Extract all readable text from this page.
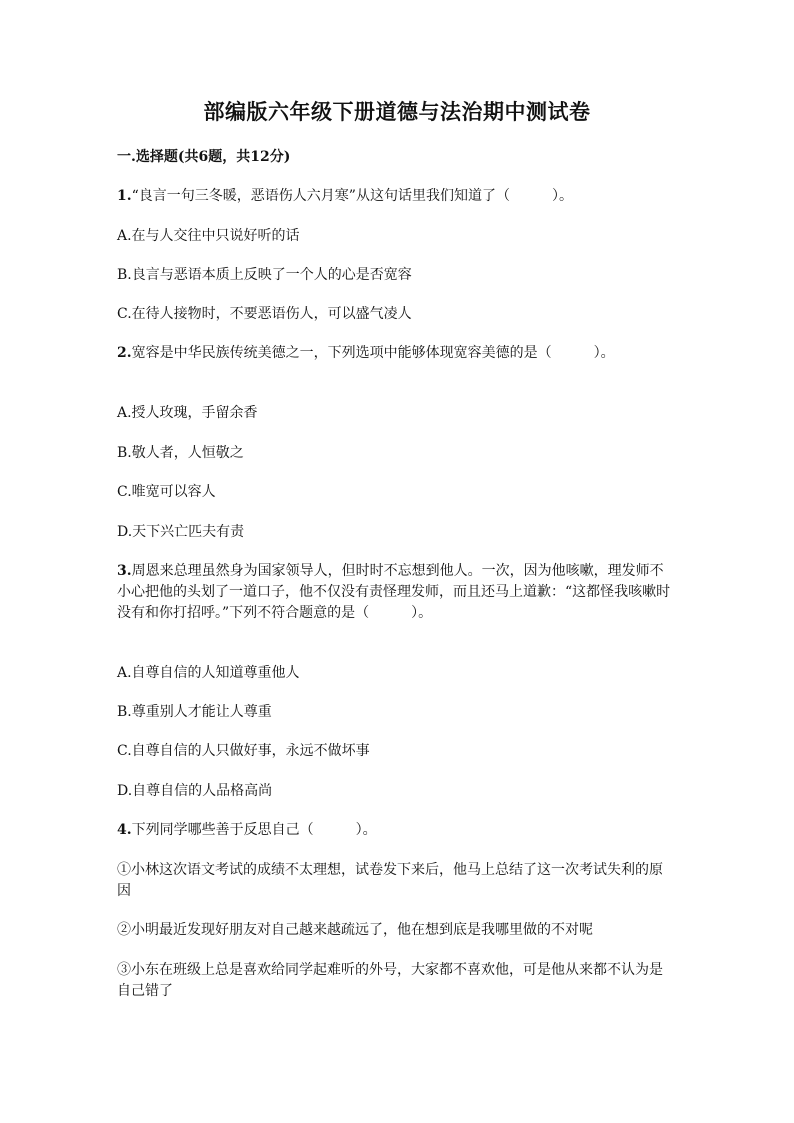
部编版六年级下册道德与法治期中测试卷
一.选择题(共6题，共12分)
1.“良言一句三冬暖，恶语伤人六月寒”从这句话里我们知道了（　　　）。
A.在与人交往中只说好听的话
B.良言与恶语本质上反映了一个人的心是否宽容
C.在待人接物时，不要恶语伤人，可以盛气凌人
2.宽容是中华民族传统美德之一，下列选项中能够体现宽容美德的是（　　　）。
A.授人玫瑰，手留余香
B.敬人者，人恒敬之
C.唯宽可以容人
D.天下兴亡匹夫有责
3.周恩来总理虽然身为国家领导人，但时时不忘想到他人。一次，因为他咳嗽，理发师不小心把他的头划了一道口子，他不仅没有责怪理发师，而且还马上道歉：“这都怪我咳嗽时没有和你打招呼。”下列不符合题意的是（　　　）。
A.自尊自信的人知道尊重他人
B.尊重别人才能让人尊重
C.自尊自信的人只做好事，永远不做坏事
D.自尊自信的人品格高尚
4.下列同学哪些善于反思自己（　　　）。
①小林这次语文考试的成绩不太理想，试卷发下来后，他马上总结了这一次考试失利的原因
②小明最近发现好朋友对自己越来越疏远了，他在想到底是我哪里做的不对呢
③小东在班级上总是喜欢给同学起难听的外号，大家都不喜欢他，可是他从来都不认为是自己错了
